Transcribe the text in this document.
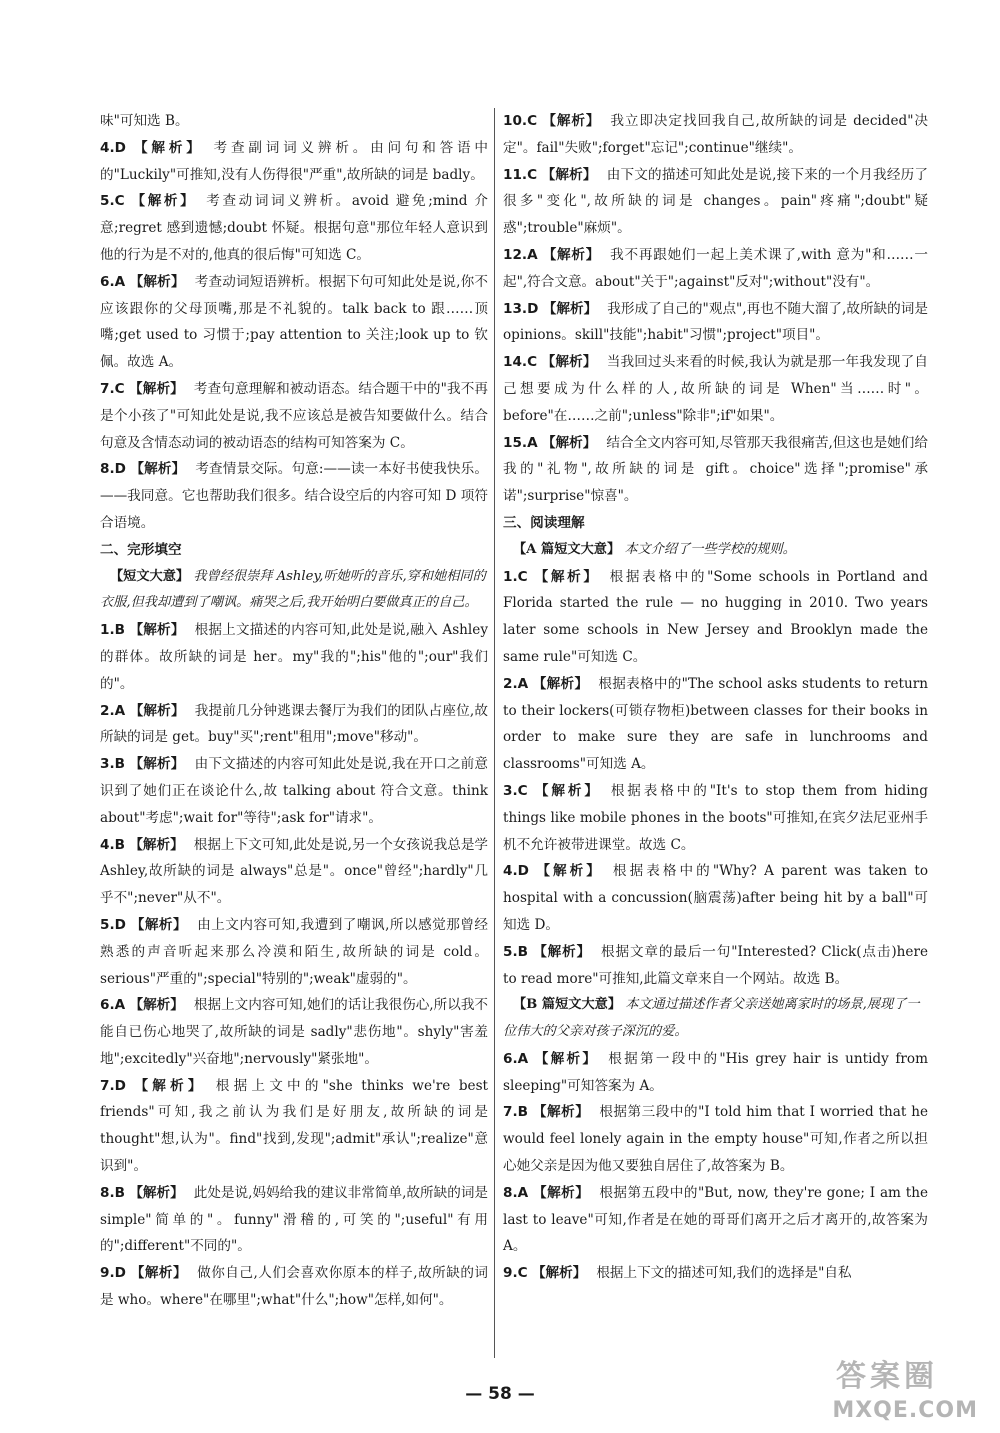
味"可知选 B。

4.D 【解析】 考查副词词义辨析。由问句和答语中的"Luckily"可推知,没有人伤得很"严重",故所缺的词是 badly。

5.C 【解析】 考查动词词义辨析。avoid 避免;mind 介意;regret 感到遗憾;doubt 怀疑。根据句意"那位年轻人意识到他的行为是不对的,他真的很后悔"可知选 C。

6.A 【解析】 考查动词短语辨析。根据下句可知此处是说,你不应该跟你的父母顶嘴,那是不礼貌的。talk back to 跟……顶嘴;get used to 习惯于;pay attention to 关注;look up to 钦佩。故选 A。

7.C 【解析】 考查句意理解和被动语态。结合题干中的"我不再是个小孩了"可知此处是说,我不应该总是被告知要做什么。结合句意及含情态动词的被动语态的结构可知答案为 C。

8.D 【解析】 考查情景交际。句意:——读一本好书使我快乐。——我同意。它也帮助我们很多。结合设空后的内容可知 D 项符合语境。

二、完形填空

【短文大意】 我曾经很崇拜 Ashley,听她听的音乐,穿和她相同的衣服,但我却遭到了嘲讽。痛哭之后,我开始明白要做真正的自己。

1.B 【解析】 根据上文描述的内容可知,此处是说,融入 Ashley 的群体。故所缺的词是 her。my"我的";his"他的";our"我们的"。

2.A 【解析】 我提前几分钟逃课去餐厅为我们的团队占座位,故所缺的词是 get。buy"买";rent"租用";move"移动"。

3.B 【解析】 由下文描述的内容可知此处是说,我在开口之前意识到了她们正在谈论什么,故 talking about 符合文意。think about"考虑";wait for"等待";ask for"请求"。

4.B 【解析】 根据上下文可知,此处是说,另一个女孩说我总是学 Ashley,故所缺的词是 always"总是"。once"曾经";hardly"几乎不";never"从不"。

5.D 【解析】 由上文内容可知,我遭到了嘲讽,所以感觉那曾经熟悉的声音听起来那么冷漠和陌生,故所缺的词是 cold。serious"严重的";special"特别的";weak"虚弱的"。

6.A 【解析】 根据上文内容可知,她们的话让我很伤心,所以我不能自已伤心地哭了,故所缺的词是 sadly"悲伤地"。shyly"害羞地";excitedly"兴奋地";nervously"紧张地"。

7.D 【解析】 根据上文中的"she thinks we're best friends"可知,我之前认为我们是好朋友,故所缺的词是 thought"想,认为"。find"找到,发现";admit"承认";realize"意识到"。

8.B 【解析】 此处是说,妈妈给我的建议非常简单,故所缺的词是 simple"简单的"。funny"滑稽的,可笑的";useful"有用的";different"不同的"。

9.D 【解析】 做你自己,人们会喜欢你原本的样子,故所缺的词是 who。where"在哪里";what"什么";how"怎样,如何"。

10.C 【解析】 我立即决定找回我自己,故所缺的词是 decided"决定"。fail"失败";forget"忘记";continue"继续"。

11.C 【解析】 由下文的描述可知此处是说,接下来的一个月我经历了很多"变化",故所缺的词是 changes。pain"疼痛";doubt"疑惑";trouble"麻烦"。

12.A 【解析】 我不再跟她们一起上美术课了,with 意为"和……一起",符合文意。about"关于";against"反对";without"没有"。

13.D 【解析】 我形成了自己的"观点",再也不随大溜了,故所缺的词是 opinions。skill"技能";habit"习惯";project"项目"。

14.C 【解析】 当我回过头来看的时候,我认为就是那一年我发现了自己想要成为什么样的人,故所缺的词是 When"当……时"。before"在……之前";unless"除非";if"如果"。

15.A 【解析】 结合全文内容可知,尽管那天我很痛苦,但这也是她们给我的"礼物",故所缺的词是 gift。choice"选择";promise"承诺";surprise"惊喜"。

三、阅读理解

【A 篇短文大意】 本文介绍了一些学校的规则。

1.C 【解析】 根据表格中的"Some schools in Portland and Florida started the rule — no hugging in 2010. Two years later some schools in New Jersey and Brooklyn made the same rule"可知选 C。

2.A 【解析】 根据表格中的"The school asks students to return to their lockers(可锁存物柜)between classes for their books in order to make sure they are safe in lunchrooms and classrooms"可知选 A。

3.C 【解析】 根据表格中的"It's to stop them from hiding things like mobile phones in the boots"可推知,在宾夕法尼亚州手机不允许被带进课堂。故选 C。

4.D 【解析】 根据表格中的"Why? A parent was taken to hospital with a concussion(脑震荡)after being hit by a ball"可知选 D。

5.B 【解析】 根据文章的最后一句"Interested? Click(点击)here to read more"可推知,此篇文章来自一个网站。故选 B。

【B 篇短文大意】 本文通过描述作者父亲送她离家时的场景,展现了一位伟大的父亲对孩子深沉的爱。

6.A 【解析】 根据第一段中的"His grey hair is untidy from sleeping"可知答案为 A。

7.B 【解析】 根据第三段中的"I told him that I worried that he would feel lonely again in the empty house"可知,作者之所以担心她父亲是因为他又要独自居住了,故答案为 B。

8.A 【解析】 根据第五段中的"But, now, they're gone; I am the last to leave"可知,作者是在她的哥哥们离开之后才离开的,故答案为 A。

9.C 【解析】 根据上下文的描述可知,我们的选择是"自私

— 58 —	答案圈
MXQE.COM
